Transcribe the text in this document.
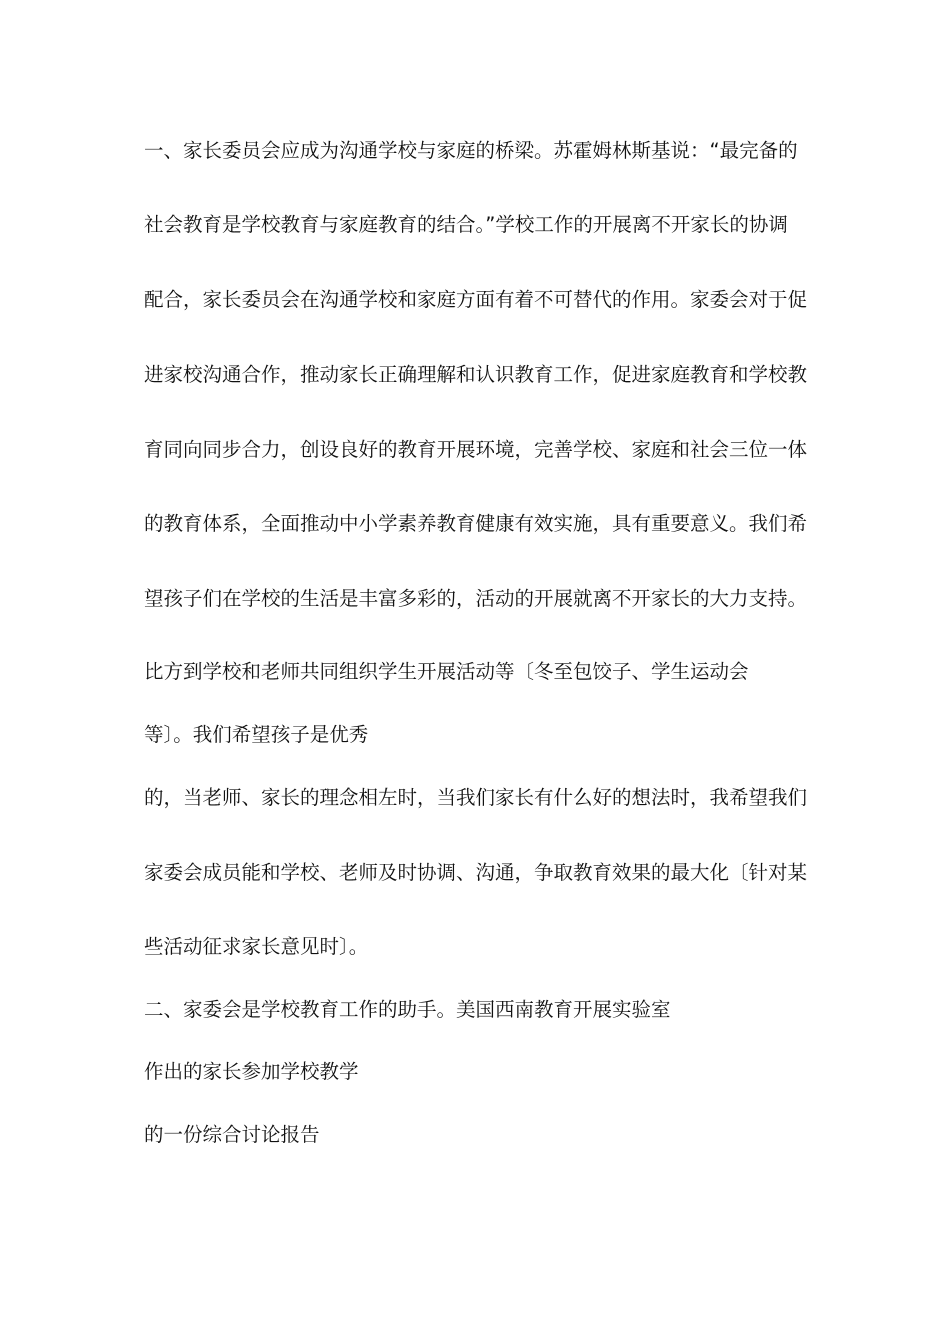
一、家长委员会应成为沟通学校与家庭的桥梁。苏霍姆林斯基说：“最完备的
社会教育是学校教育与家庭教育的结合。”学校工作的开展离不开家长的协调
配合，家长委员会在沟通学校和家庭方面有着不可替代的作用。家委会对于促
进家校沟通合作，推动家长正确理解和认识教育工作，促进家庭教育和学校教
育同向同步合力，创设良好的教育开展环境，完善学校、家庭和社会三位一体
的教育体系，全面推动中小学素养教育健康有效实施，具有重要意义。我们希
望孩子们在学校的生活是丰富多彩的，活动的开展就离不开家长的大力支持。
比方到学校和老师共同组织学生开展活动等〔冬至包饺子、学生运动会
等〕。我们希望孩子是优秀
的，当老师、家长的理念相左时，当我们家长有什么好的想法时，我希望我们
家委会成员能和学校、老师及时协调、沟通，争取教育效果的最大化〔针对某
些活动征求家长意见时〕。
二、家委会是学校教育工作的助手。美国西南教育开展实验室
作出的家长参加学校教学
的一份综合讨论报告
